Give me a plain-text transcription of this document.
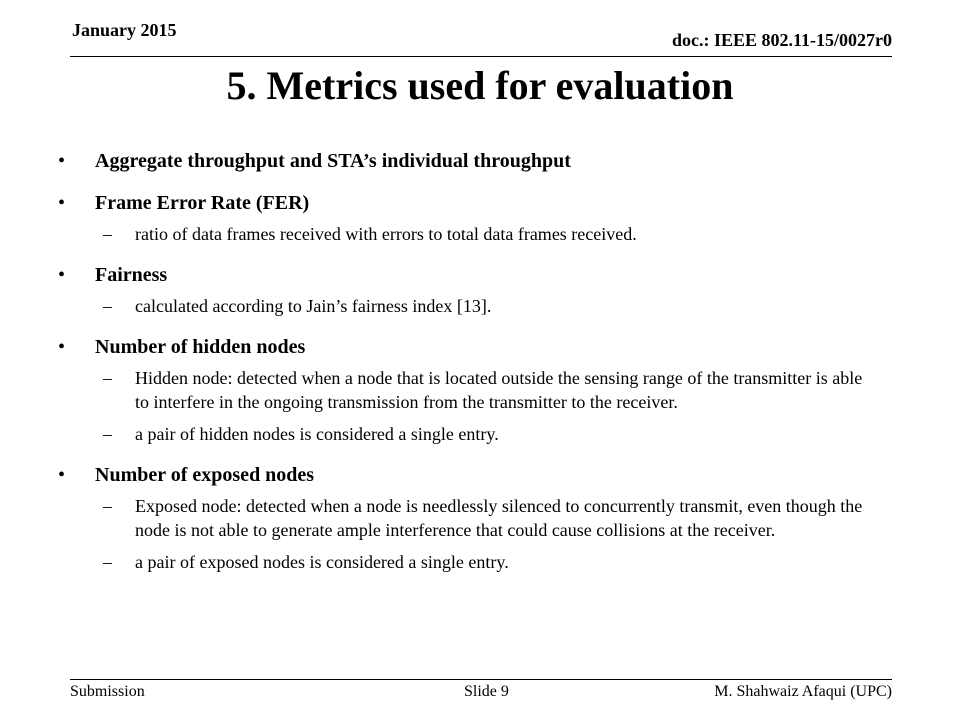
January 2015	doc.: IEEE 802.11-15/0027r0
5. Metrics used for evaluation
•	Aggregate throughput and STA’s individual throughput
•	Frame Error Rate (FER)
–	ratio of data frames received with errors to total data frames received.
•	Fairness
–	calculated according to Jain’s fairness index [13].
•	Number of hidden nodes
–	Hidden node: detected when a node that is located outside the sensing range of the transmitter is able to interfere in the ongoing transmission from the transmitter to the receiver.
–	a pair of hidden nodes is considered a single entry.
•	Number of exposed nodes
–	Exposed node: detected when a node is needlessly silenced to concurrently transmit, even though the node is not able to generate ample interference that could cause collisions at the receiver.
–	a pair of exposed nodes is considered a single entry.
Submission	Slide 9	M. Shahwaiz Afaqui (UPC)
